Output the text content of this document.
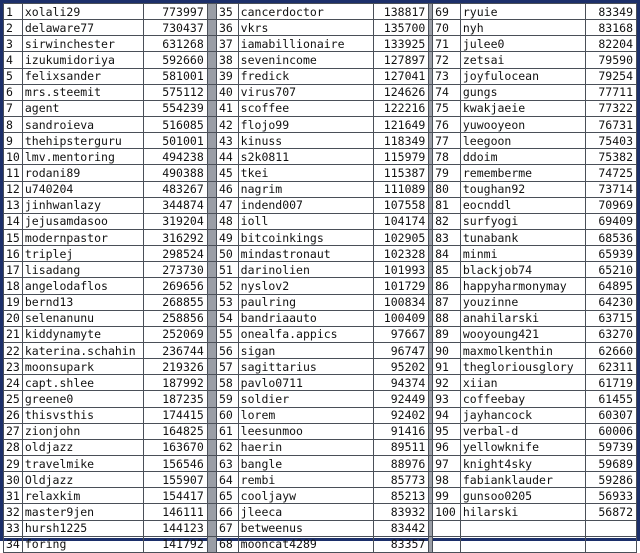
1	xolali29	773997		35	cancerdoctor	138817		69	ryuie	83349
2	delaware77	730437		36	vkrs	135700		70	nyh	83168
3	sirwinchester	631268		37	iamabillionaire	133925		71	julee0	82204
4	izukumidoriya	592660		38	sevenincome	127897		72	zetsai	79590
5	felixsander	581001		39	fredick	127041		73	joyfulocean	79254
6	mrs.steemit	575112		40	virus707	124626		74	gungs	77711
7	agent	554239		41	scoffee	122216		75	kwakjaeie	77322
8	sandroieva	516085		42	flojo99	121649		76	yuwooyeon	76731
9	thehipsterguru	501001		43	kinuss	118349		77	leegoon	75403
10	lmv.mentoring	494238		44	s2k0811	115979		78	ddoim	75382
11	rodani89	490388		45	tkei	115387		79	rememberme	74725
12	u740204	483267		46	nagrim	111089		80	toughan92	73714
13	jinhwanlazy	344874		47	indend007	107558		81	eocnddl	70969
14	jejusamdasoo	319204		48	ioll	104174		82	surfyogi	69409
15	modernpastor	316292		49	bitcoinkings	102905		83	tunabank	68536
16	triplej	298524		50	mindastronaut	102328		84	minmi	65939
17	lisadang	273730		51	darinolien	101993		85	blackjob74	65210
18	angelodaflos	269656		52	nyslov2	101729		86	happyharmonymay	64895
19	bernd13	268855		53	paulring	100834		87	youzinne	64230
20	selenanunu	258856		54	bandriaauto	100409		88	anahilarski	63715
21	kiddynamyte	252069		55	onealfa.appics	97667		89	wooyoung421	63270
22	katerina.schahin	236744		56	sigan	96747		90	maxmolkenthin	62660
23	moonsupark	219326		57	sagittarius	95202		91	thegloriousglory	62311
24	capt.shlee	187992		58	pavlo0711	94374		92	xiian	61719
25	greene0	187235		59	soldier	92449		93	coffeebay	61455
26	thisvsthis	174415		60	lorem	92402		94	jayhancock	60307
27	zionjohn	164825		61	leesunmoo	91416		95	verbal-d	60006
28	oldjazz	163670		62	haerin	89511		96	yellowknife	59739
29	travelmike	156546		63	bangle	88976		97	knight4sky	59689
30	Oldjazz	155907		64	rembi	85773		98	fabianklauder	59286
31	relaxkim	154417		65	cooljayw	85213		99	gunsoo0205	56933
32	master9jen	146111		66	jleeca	83932		100	hilarski	56872
33	hursh1225	144123		67	betweenus	83442				
34	foring	141792		68	mooncat4289	83357				
